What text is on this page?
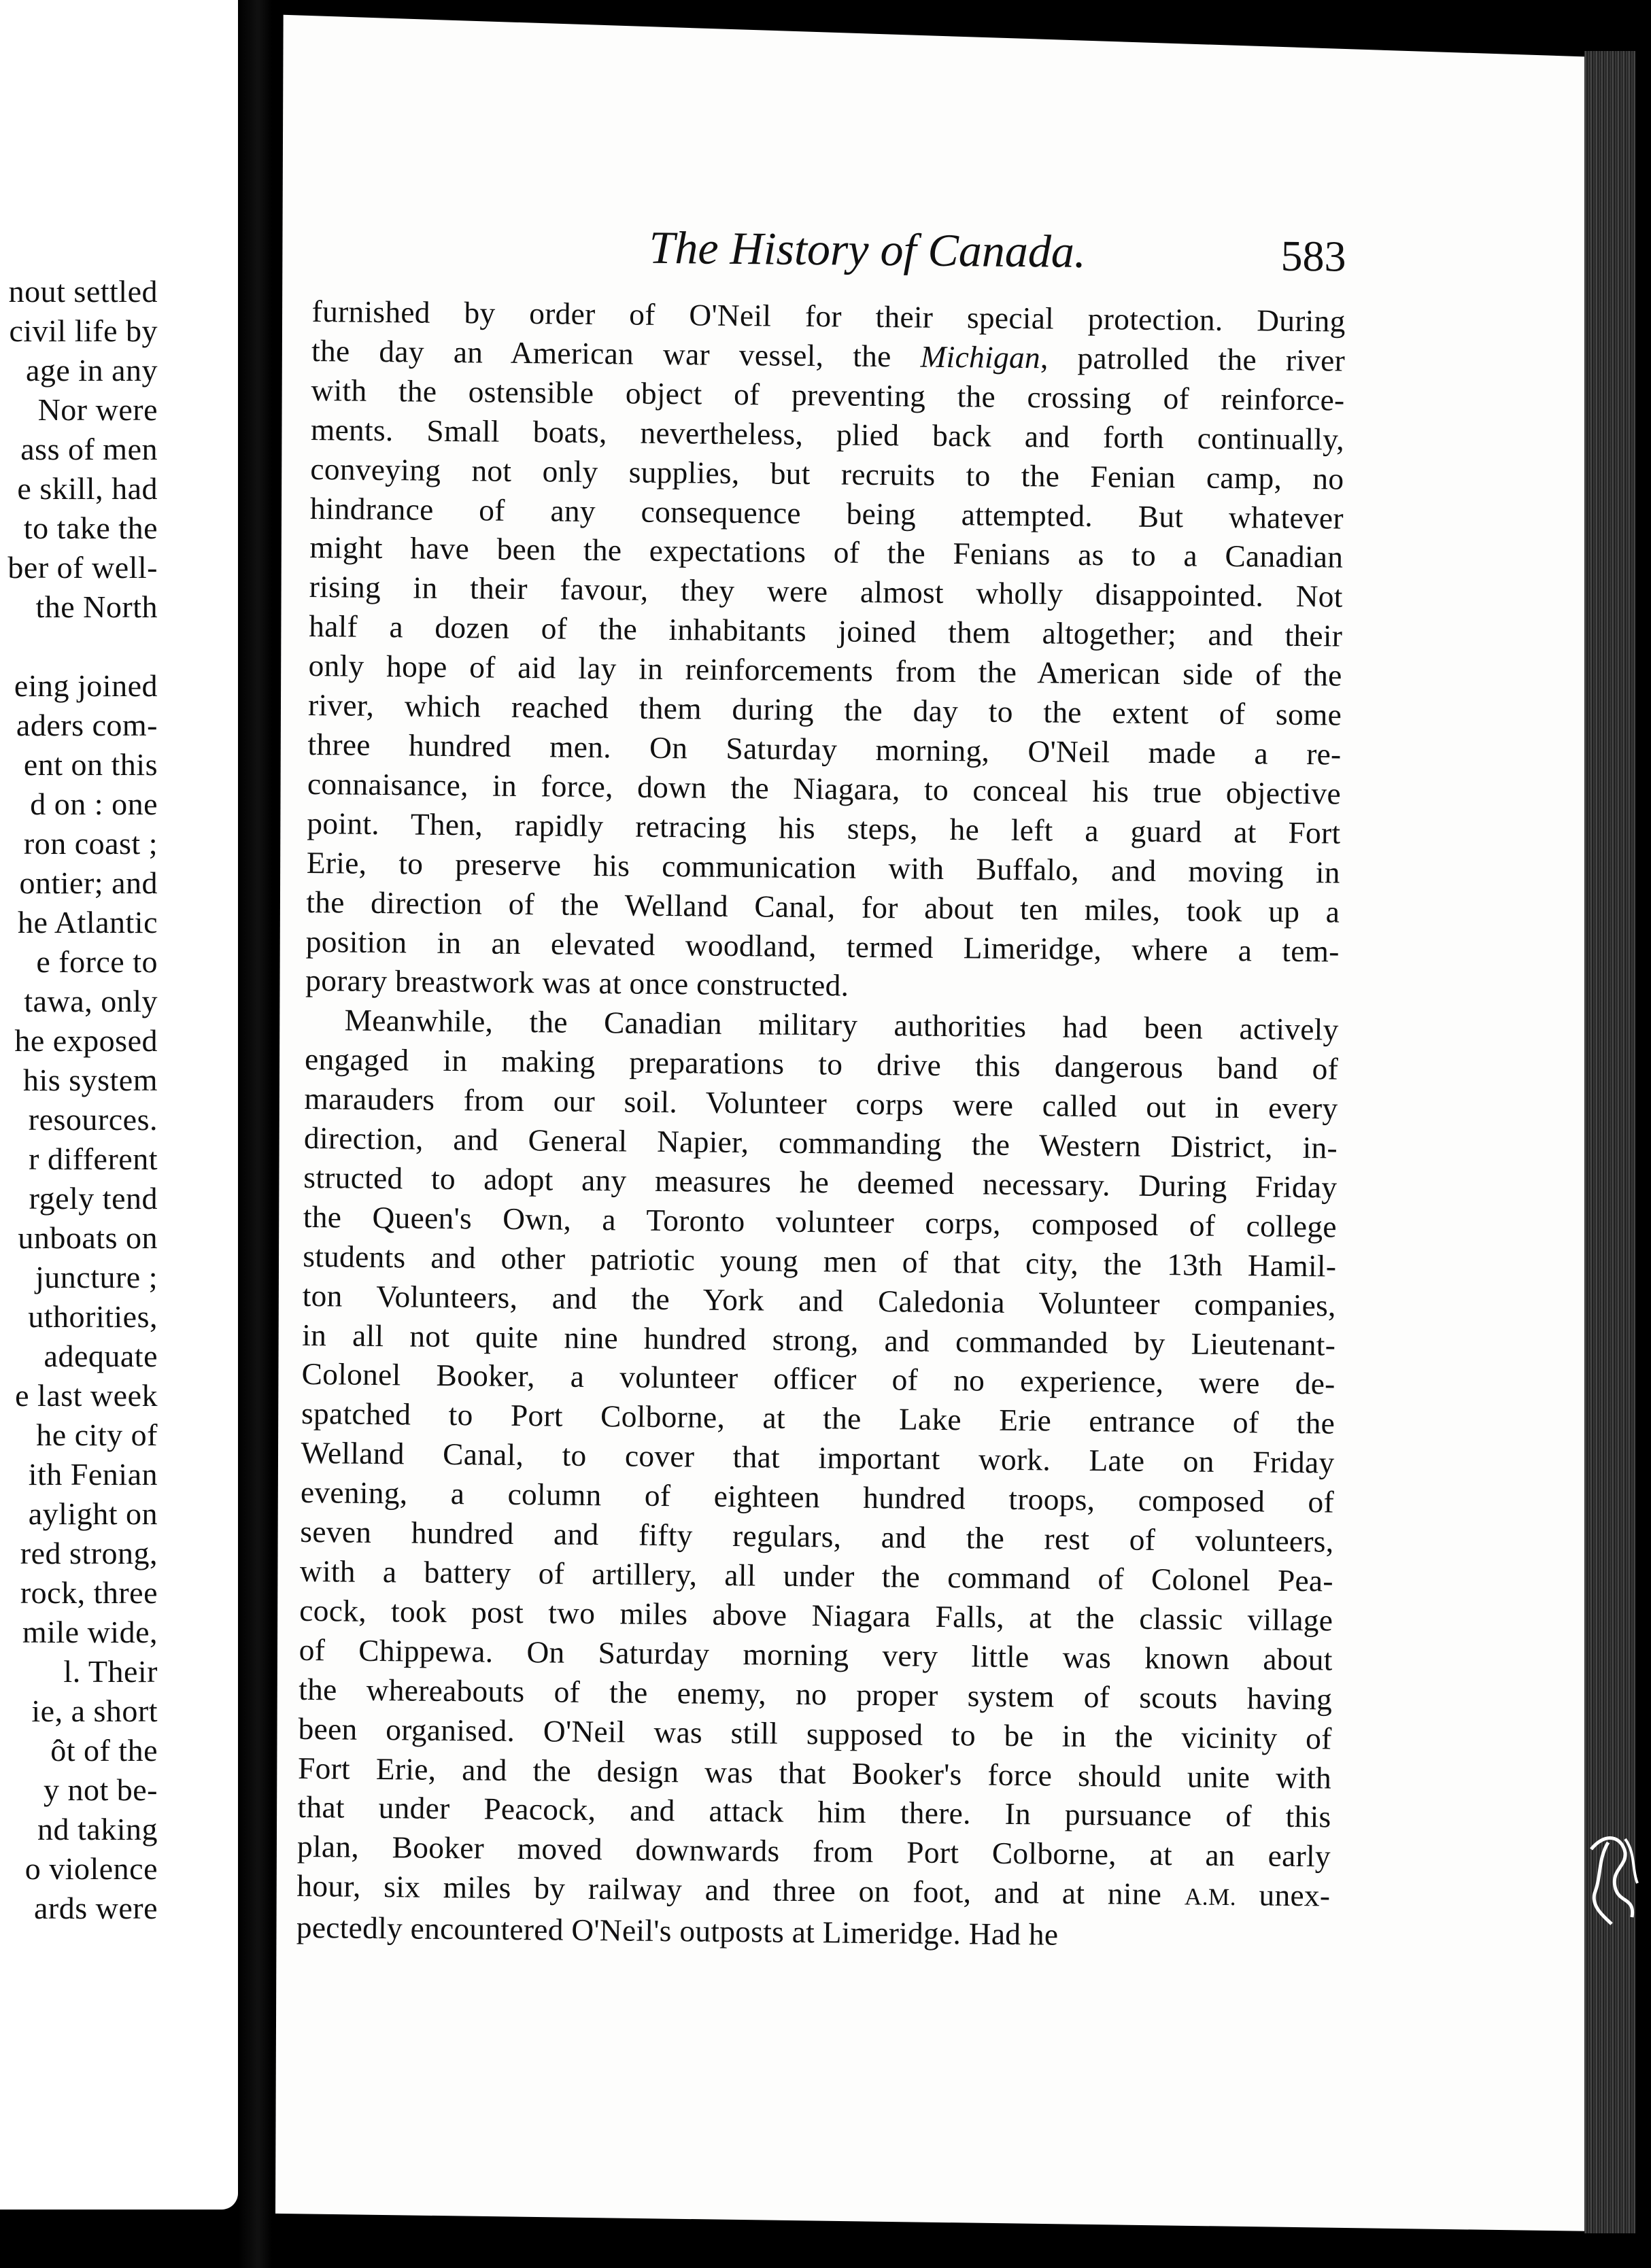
nout settled
civil life by
age in any
Nor were
ass of men
e skill, had
to take the
ber of well-
the North
eing joined
aders com-
ent on this
d on : one
ron coast ;
ontier; and
he Atlantic
e force to
tawa, only
he exposed
his system
resources.
r different
rgely tend
unboats on
juncture ;
uthorities,
adequate
e last week
he city of
ith Fenian
aylight on
red strong,
rock, three
mile wide,
l. Their
ie, a short
ôt of the
y not be-
nd taking
o violence
ards were
The History of Canada.	583
furnished by order of O'Neil for their special protection. During
the day an American war vessel, the Michigan, patrolled the river
with the ostensible object of preventing the crossing of reinforce-
ments. Small boats, nevertheless, plied back and forth continually,
conveying not only supplies, but recruits to the Fenian camp, no
hindrance of any consequence being attempted. But whatever
might have been the expectations of the Fenians as to a Canadian
rising in their favour, they were almost wholly disappointed. Not
half a dozen of the inhabitants joined them altogether; and their
only hope of aid lay in reinforcements from the American side of the
river, which reached them during the day to the extent of some
three hundred men. On Saturday morning, O'Neil made a re-
connaisance, in force, down the Niagara, to conceal his true objective
point. Then, rapidly retracing his steps, he left a guard at Fort
Erie, to preserve his communication with Buffalo, and moving in
the direction of the Welland Canal, for about ten miles, took up a
position in an elevated woodland, termed Limeridge, where a tem-
porary breastwork was at once constructed.
Meanwhile, the Canadian military authorities had been actively
engaged in making preparations to drive this dangerous band of
marauders from our soil. Volunteer corps were called out in every
direction, and General Napier, commanding the Western District, in-
structed to adopt any measures he deemed necessary. During Friday
the Queen's Own, a Toronto volunteer corps, composed of college
students and other patriotic young men of that city, the 13th Hamil-
ton Volunteers, and the York and Caledonia Volunteer companies,
in all not quite nine hundred strong, and commanded by Lieutenant-
Colonel Booker, a volunteer officer of no experience, were de-
spatched to Port Colborne, at the Lake Erie entrance of the
Welland Canal, to cover that important work. Late on Friday
evening, a column of eighteen hundred troops, composed of
seven hundred and fifty regulars, and the rest of volunteers,
with a battery of artillery, all under the command of Colonel Pea-
cock, took post two miles above Niagara Falls, at the classic village
of Chippewa. On Saturday morning very little was known about
the whereabouts of the enemy, no proper system of scouts having
been organised. O'Neil was still supposed to be in the vicinity of
Fort Erie, and the design was that Booker's force should unite with
that under Peacock, and attack him there. In pursuance of this
plan, Booker moved downwards from Port Colborne, at an early
hour, six miles by railway and three on foot, and at nine A.M. unex-
pectedly encountered O'Neil's outposts at Limeridge. Had he
